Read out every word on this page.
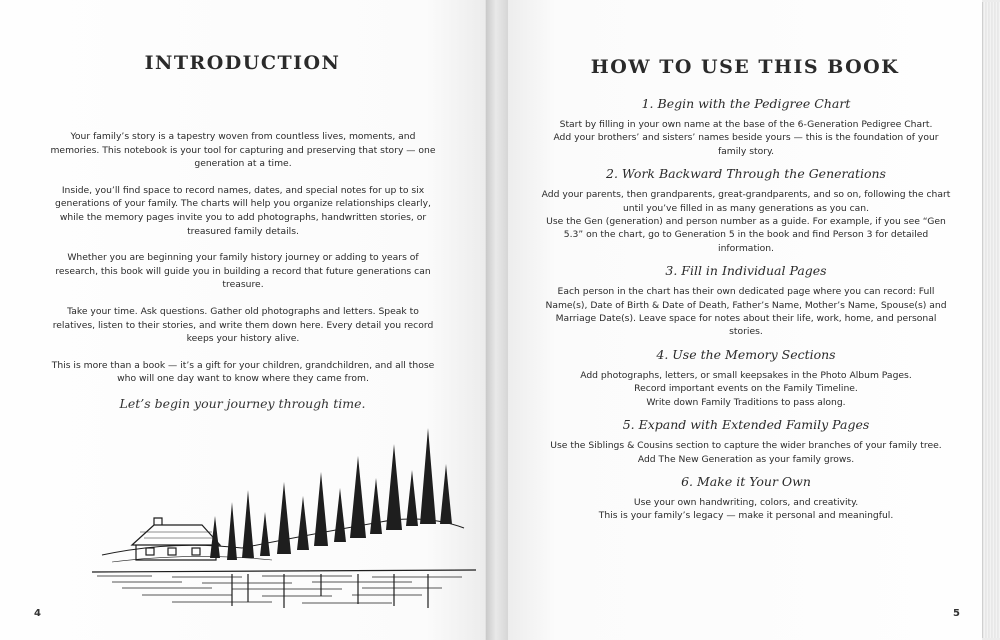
INTRODUCTION

Your family’s story is a tapestry woven from countless lives, moments, and memories. This notebook is your tool for capturing and preserving that story — one generation at a time.

Inside, you’ll find space to record names, dates, and special notes for up to six generations of your family. The charts will help you organize relationships clearly, while the memory pages invite you to add photographs, handwritten stories, or treasured family details.

Whether you are beginning your family history journey or adding to years of research, this book will guide you in building a record that future generations can treasure.

Take your time. Ask questions. Gather old photographs and letters. Speak to relatives, listen to their stories, and write them down here. Every detail you record keeps your history alive.

This is more than a book — it’s a gift for your children, grandchildren, and all those who will one day want to know where they came from.

Let’s begin your journey through time.
4
HOW TO USE THIS BOOK
1. Begin with the Pedigree Chart
Start by filling in your own name at the base of the 6-Generation Pedigree Chart.
Add your brothers’ and sisters’ names beside yours — this is the foundation of your family story.
2. Work Backward Through the Generations
Add your parents, then grandparents, great-grandparents, and so on, following the chart until you’ve filled in as many generations as you can.
Use the Gen (generation) and person number as a guide. For example, if you see “Gen 5.3” on the chart, go to Generation 5 in the book and find Person 3 for detailed information.
3. Fill in Individual Pages
Each person in the chart has their own dedicated page where you can record: Full Name(s), Date of Birth & Date of Death, Father’s Name, Mother’s Name, Spouse(s) and Marriage Date(s). Leave space for notes about their life, work, home, and personal stories.
4. Use the Memory Sections
Add photographs, letters, or small keepsakes in the Photo Album Pages.
Record important events on the Family Timeline.
Write down Family Traditions to pass along.
5. Expand with Extended Family Pages
Use the Siblings & Cousins section to capture the wider branches of your family tree. Add The New Generation as your family grows.
6. Make it Your Own
Use your own handwriting, colors, and creativity.
This is your family’s legacy — make it personal and meaningful.
5
